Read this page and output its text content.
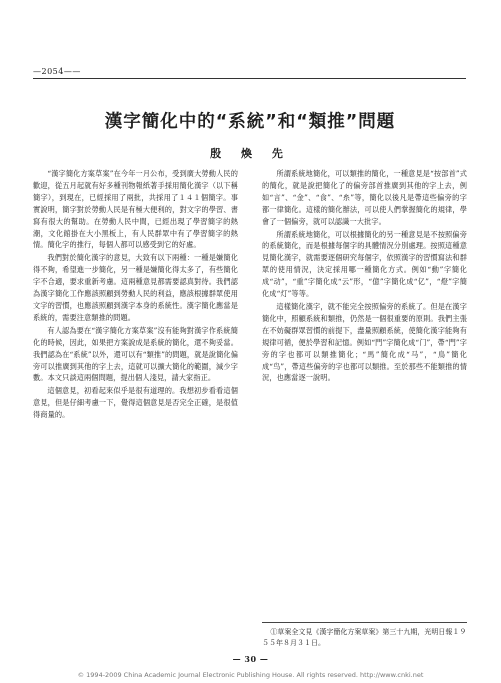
—2054——
漢字簡化中的“系統”和“類推”問題
殷 煥 先

“漢字簡化方案草案”在今年一月公布，受到廣大勞動人民的歡迎，從五月起就有好多種刊物報紙著手採用簡化漢字（以下稱簡字），到現在，已經採用了兩批，共採用了１４１個簡字。事實說明，簡字對於勞動人民是有極大便利的，對文字的學習、書寫有很大的幫助。在勞動人民中間，已經出現了學習簡字的熱潮，文化館掛在大小黑板上，有人民群眾中有了學習簡字的熱情。簡化字的推行，每個人都可以感受到它的好處。

我們對於簡化漢字的意見，大致有以下兩種：一種是嫌簡化得不夠，希望進一步簡化，另一種是嫌簡化得太多了，有些簡化字不合適，要求重新考慮。這兩種意見都需要認真對待。我們認為漢字簡化工作應該照顧到勞動人民的利益，應該根據群眾使用文字的習慣，也應該照顧到漢字本身的系統性。漢字簡化應當是系統的，需要注意類推的問題。

有人認為要在“漢字簡化方案草案”沒有能夠對漢字作系統簡化的時候，因此，如果把方案說成是系統的簡化，還不夠妥當。我們認為在“系統”以外，還可以有“類推”的問題，就是說簡化偏旁可以推廣到其他的字上去，這就可以擴大簡化的範圍，減少字數。本文只談這兩個問題，提出個人淺見，請大家指正。

這個意見，初看起來似乎是很有道理的。我想初步看看這個意見，但是仔細考慮一下，覺得這個意見是否完全正確，是很值得商量的。

所謂系統地簡化，可以類推的簡化，一種意見是“按部首”式的簡化，就是說把簡化了的偏旁部首推廣到其他的字上去，例如“言”、“金”、“食”、“糸”等，簡化以後凡是帶這些偏旁的字都一律簡化。這樣的簡化辦法，可以使人們掌握簡化的規律，學會了一個偏旁，就可以認識一大批字。

所謂系統地簡化，可以根據簡化的另一種意見是不按照偏旁的系統簡化，而是根據每個字的具體情況分別處理。按照這種意見簡化漢字，就需要逐個研究每個字，依照漢字的習慣寫法和群眾的使用情況，決定採用哪一種簡化方式。例如“動”字簡化成“动”，“重”字簡化成“云”形，“億”字簡化成“亿”，“燈”字簡化成“灯”等等。

這樣簡化漢字，就不能完全按照偏旁的系統了。但是在漢字簡化中，照顧系統和類推，仍然是一個很重要的原則。我們主張在不妨礙群眾習慣的前提下，盡量照顧系統，使簡化漢字能夠有規律可循，便於學習和記憶。例如“門”字簡化成“门”，帶“門”字旁的字也都可以類推簡化；“馬”簡化成“马”，“鳥”簡化成“鸟”，帶這些偏旁的字也都可以類推。至於那些不能類推的情況，也應當逐一說明。

①草案全文見《漢字簡化方案草案》第三十九期，光明日報１９５５年８月３１日。

— 30 —
© 1994-2009 China Academic Journal Electronic Publishing House. All rights reserved. http://www.cnki.net
